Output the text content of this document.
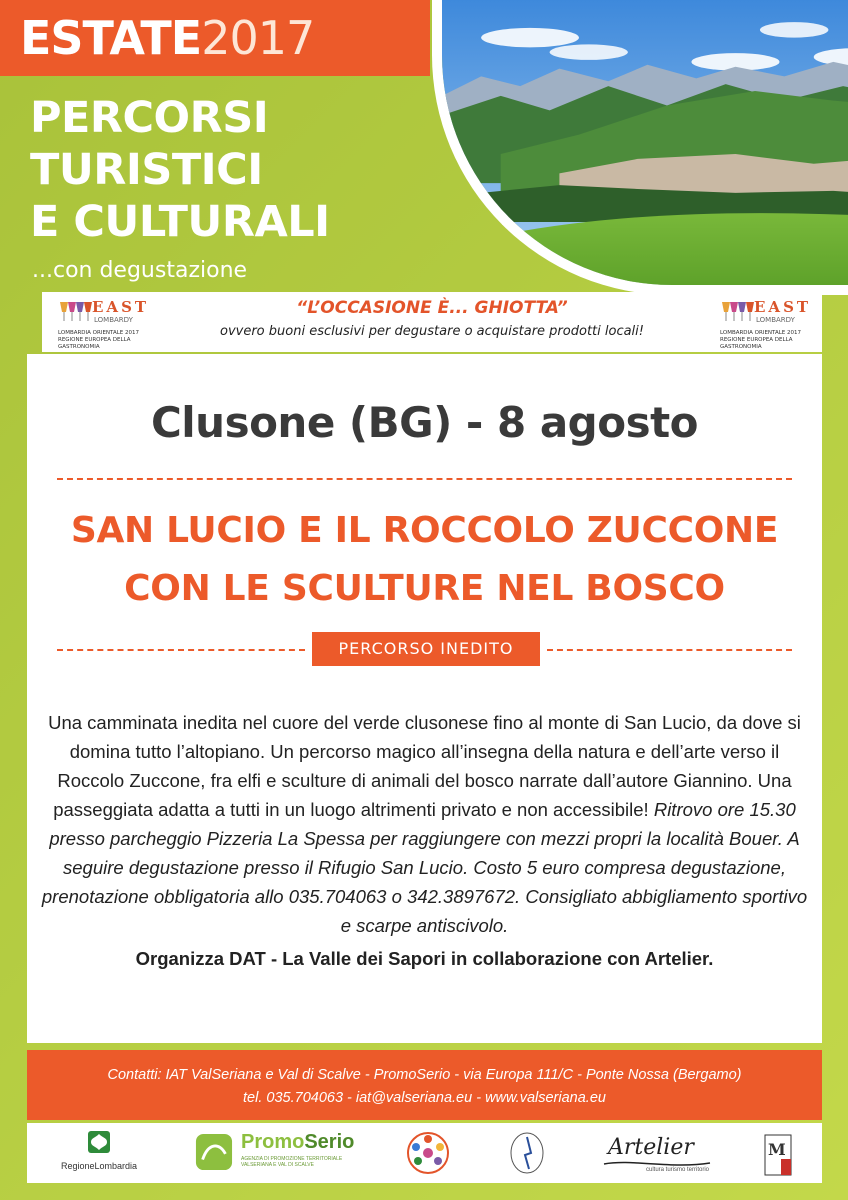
ESTATE2017
PERCORSI
TURISTICI
E CULTURALI
...con degustazione
EAST
LOMBARDY
LOMBARDIA ORIENTALE 2017 REGIONE EUROPEA DELLA GASTRONOMIA
“L’OCCASIONE È... GHIOTTA”
ovvero buoni esclusivi per degustare o acquistare prodotti locali!
EAST
LOMBARDY
LOMBARDIA ORIENTALE 2017 REGIONE EUROPEA DELLA GASTRONOMIA
Clusone (BG) - 8 agosto
SAN LUCIO E IL ROCCOLO ZUCCONE
CON LE SCULTURE NEL BOSCO
PERCORSO INEDITO
Una camminata inedita nel cuore del verde clusonese fino al monte di San Lucio, da dove si domina tutto l’altopiano. Un percorso magico all’insegna della natura e dell’arte verso il Roccolo Zuccone, fra elfi e sculture di animali del bosco narrate dall’autore Giannino. Una passeggiata adatta a tutti in un luogo altrimenti privato e non accessibile! Ritrovo ore 15.30 presso parcheggio Pizzeria La Spessa per raggiungere con mezzi propri la località Bouer. A seguire degustazione presso il Rifugio San Lucio. Costo 5 euro compresa degustazione, prenotazione obbligatoria allo 035.704063 o 342.3897672. Consigliato abbigliamento sportivo e scarpe antiscivolo.
Organizza DAT - La Valle dei Sapori in collaborazione con Artelier.
Contatti: IAT ValSeriana e Val di Scalve - PromoSerio - via Europa 111/C - Ponte Nossa (Bergamo)
tel. 035.704063 - iat@valseriana.eu - www.valseriana.eu
RegioneLombardia
PromoSerio
AGENZIA DI PROMOZIONE TERRITORIALE VALSERIANA E VAL DI SCALVE
Artelier
cultura turismo territorio
M
